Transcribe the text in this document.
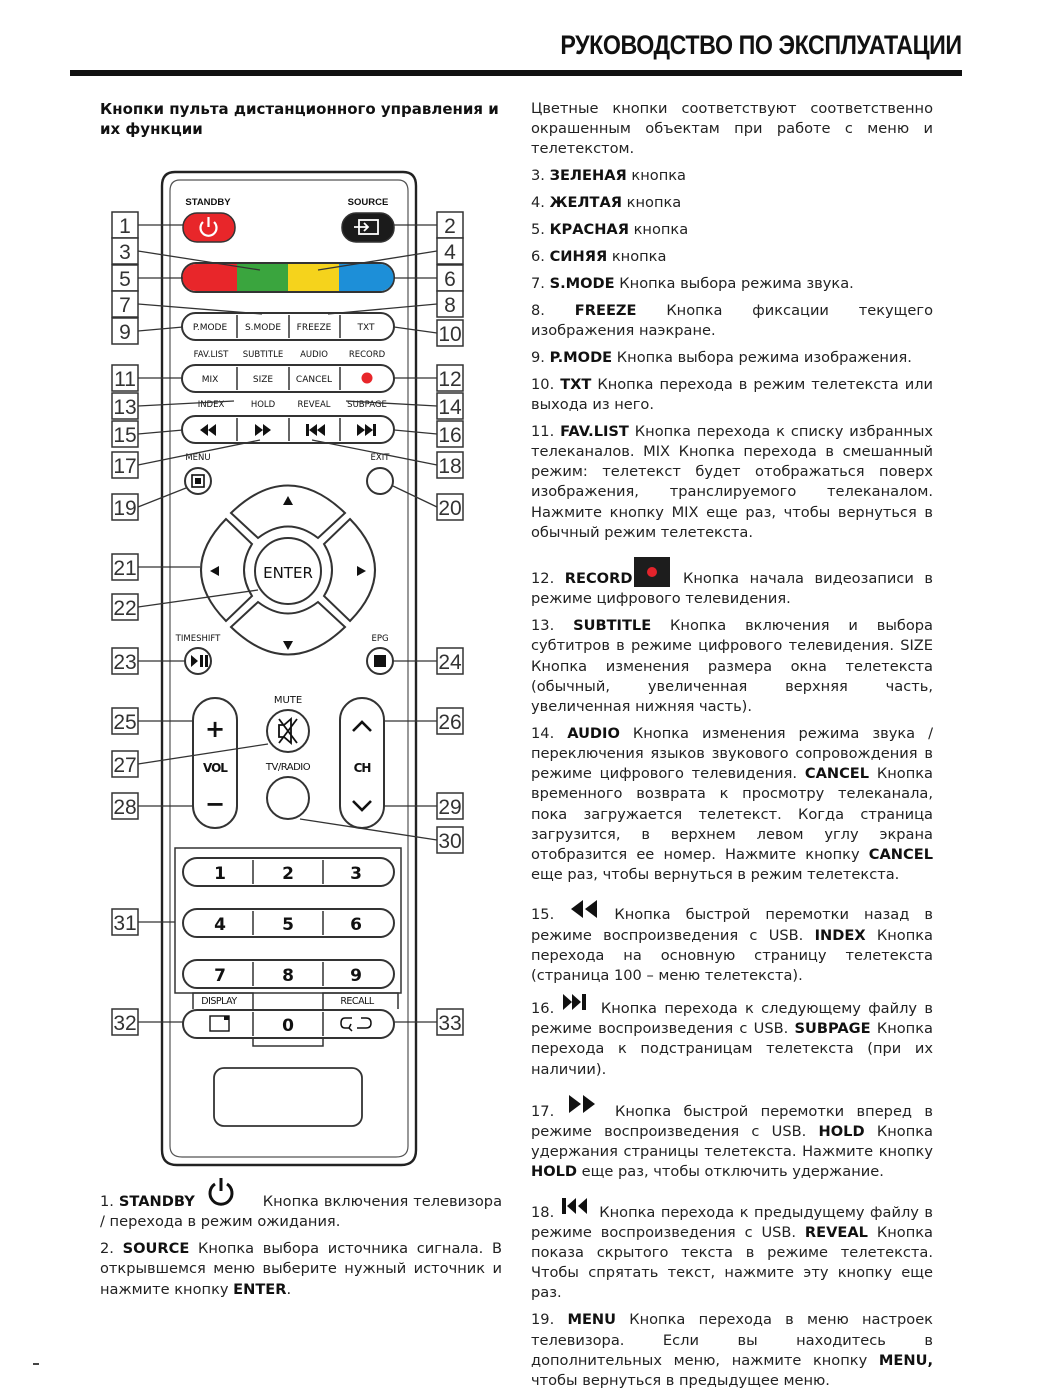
РУКОВОДСТВО ПО ЭКСПЛУАТАЦИИ
Кнопки пульта дистанционного управления и их функции
STANDBY	SOURCE
P.MODE S.MODE FREEZE	TXT
FAV.LIST SUBTITLE AUDIO RECORD
MIX	SIZE	CANCEL
INDEX	HOLD	REVEAL SUBPAGE
MENU	EXIT
ENTER
TIMESHIFT	EPG
+
VOL
−
MUTE
TV/RADIO	CH
1	2	3
4	5	6
7	8	9
DISPLAY	RECALL
0
1
3
5
7
9
11
13
15
17
19
21
22
23
25
27
28
31
32
2
4
6
8
10
12
14
16
18
20
24
26
29
30
33

1. STANDBY	Кнопка включения телевизора / перехода в режим ожидания.

2. SOURCE Кнопка выбора источника сигнала. В открывшемся меню выберите нужный источник и нажмите кнопку ENTER.

Цветные кнопки соответствуют соответственно окрашенным объектам при работе с меню и телетекстом.

3. ЗЕЛЕНАЯ кнопка

4. ЖЕЛТАЯ кнопка

5. КРАСНАЯ кнопка

6. СИНЯЯ кнопка

7. S.MODE Кнопка выбора режима звука.

8. FREEZE Кнопка фиксации текущего изображения наэкране.

9. P.MODE Кнопка выбора режима изображения.

10. TXT Кнопка перехода в режим телетекста или выхода из него.

11. FAV.LIST Кнопка перехода к списку избранных телеканалов. MIX Кнопка перехода в смешанный режим: телетекст будет отображаться поверх изображения, транслируемого телеканалом. Нажмите кнопку MIX еще раз, чтобы вернуться в обычный режим телетекста.

12. RECORD	Кнопка начала видеозаписи в режиме цифрового телевидения.

13. SUBTITLE Кнопка включения и выбора субтитров в режиме цифрового телевидения. SIZE Кнопка изменения размера окна телетекста (обычный, увеличенная верхняя часть, увеличенная нижняя часть).

14. AUDIO Кнопка изменения режима звука / переключения языков звукового сопровождения в режиме цифрового телевидения. CANCEL Кнопка временного возврата к просмотру телеканала, пока загружается телетекст. Когда страница загрузится, в верхнем левом углу экрана отобразится ее номер. Нажмите кнопку CANCEL еще раз, чтобы вернуться в режим телетекста.

15.	Кнопка быстрой перемотки назад в режиме воспроизведения с USB. INDEX Кнопка перехода на основную страницу телетекста (страница 100 – меню телетекста).

16.	Кнопка перехода к следующему файлу в режиме воспроизведения с USB. SUBPAGE Кнопка перехода к подстраницам телетекста (при их наличии).

17.	Кнопка быстрой перемотки вперед в режиме воспроизведения с USB. HOLD Кнопка удержания страницы телетекста. Нажмите кнопку HOLD еще раз, чтобы отключить удержание.

18.	Кнопка перехода к предыдущему файлу в режиме воспроизведения с USB. REVEAL Кнопка показа скрытого текста в режиме телетекста. Чтобы спрятать текст, нажмите эту кнопку еще раз.

19. MENU Кнопка перехода в меню настроек телевизора. Если вы находитесь в дополнительных меню, нажмите кнопку MENU, чтобы вернуться в предыдущее меню.
